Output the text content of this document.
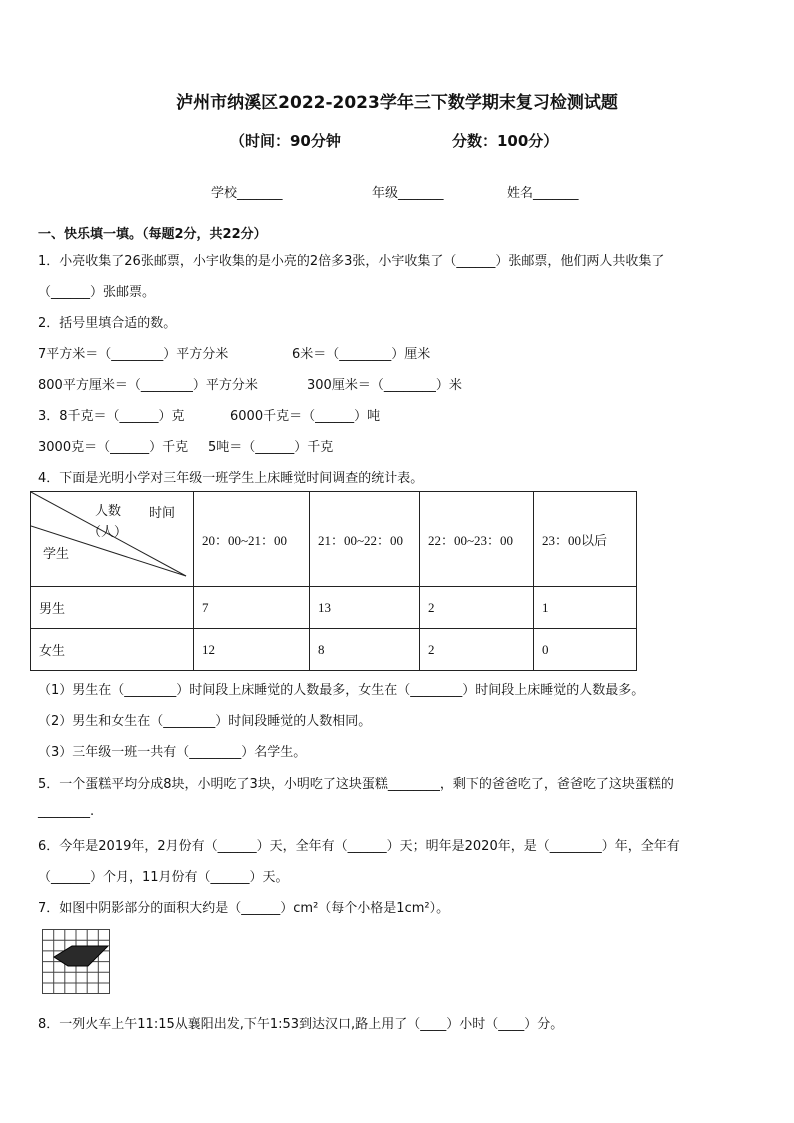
泸州市纳溪区2022-2023学年三下数学期末复习检测试题
（时间：90分钟	分数：100分）
学校_______	年级_______	姓名_______
一、快乐填一填。（每题2分，共22分）
1．小亮收集了26张邮票，小宇收集的是小亮的2倍多3张，小宇收集了（______）张邮票，他们两人共收集了
（______）张邮票。
2．括号里填合适的数。
7平方米＝（________）平方分米	6米＝（________）厘米
800平方厘米＝（________）平方分米	300厘米＝（________）米
3．8千克＝（______）克	6000千克＝（______）吨
3000克＝（______）千克 5吨＝（______）千克
4．下面是光明小学对三年级一班学生上床睡觉时间调查的统计表。
人数
（人）
时间
学生	20：00~21：00	21：00~22：00	22：00~23：00	23：00以后
男生	7	13	2	1
女生	12	8	2	0
（1）男生在（________）时间段上床睡觉的人数最多，女生在（________）时间段上床睡觉的人数最多。
（2）男生和女生在（________）时间段睡觉的人数相同。
（3）三年级一班一共有（________）名学生。
5．一个蛋糕平均分成8块，小明吃了3块，小明吃了这块蛋糕________，剩下的爸爸吃了，爸爸吃了这块蛋糕的
________.
6．今年是2019年，2月份有（______）天，全年有（______）天；明年是2020年，是（________）年，全年有
（______）个月，11月份有（______）天。
7．如图中阴影部分的面积大约是（______）cm²（每个小格是1cm²）。
8．一列火车上午11:15从襄阳出发,下午1:53到达汉口,路上用了（____）小时（____）分。
